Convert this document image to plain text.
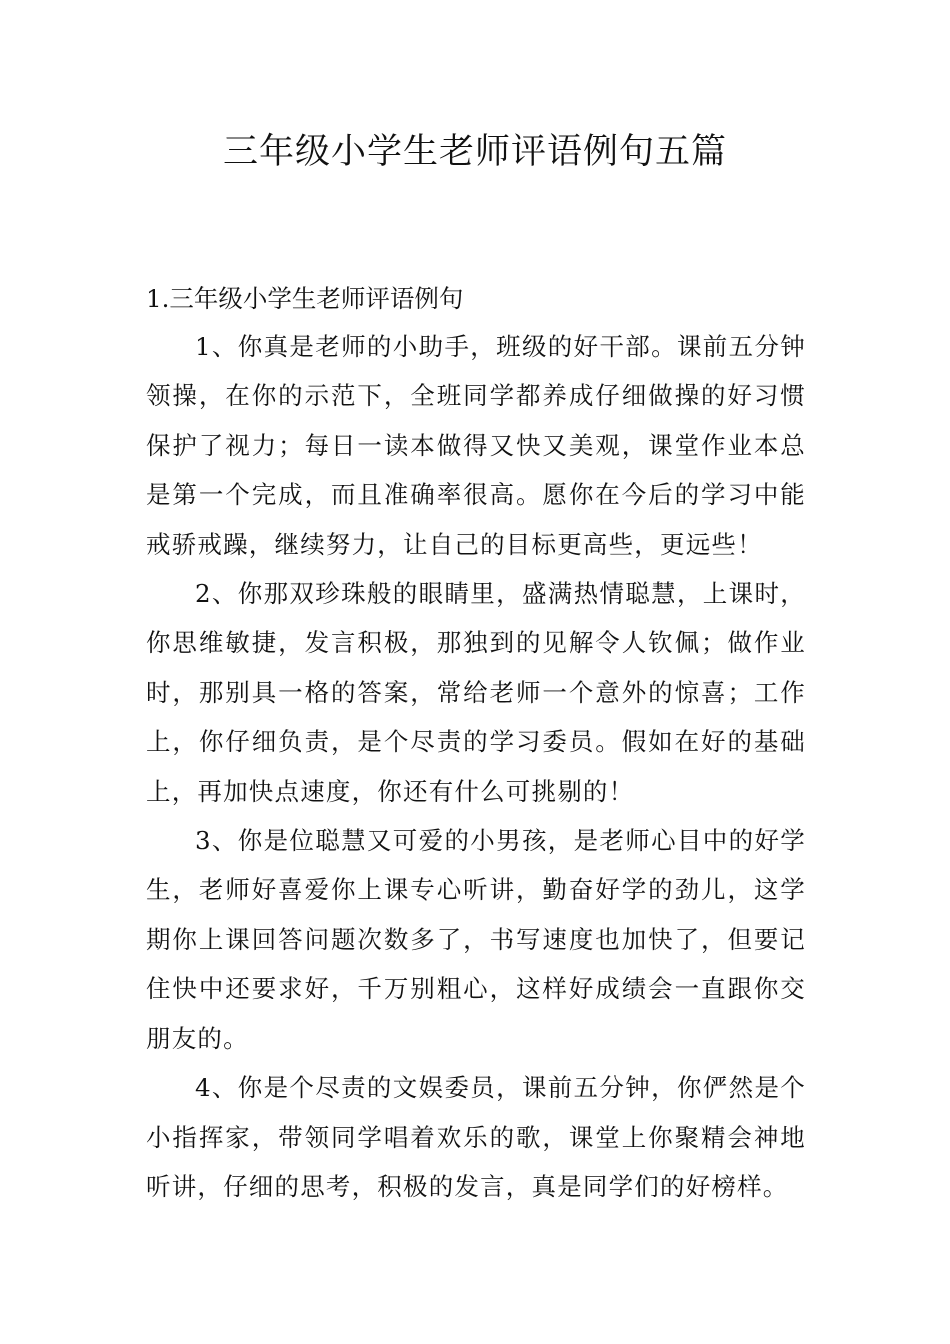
三年级小学生老师评语例句五篇
1.三年级小学生老师评语例句

1、你真是老师的小助手，班级的好干部。课前五分钟领操，在你的示范下，全班同学都养成仔细做操的好习惯保护了视力；每日一读本做得又快又美观，课堂作业本总是第一个完成，而且准确率很高。愿你在今后的学习中能戒骄戒躁，继续努力，让自己的目标更高些，更远些！

2、你那双珍珠般的眼睛里，盛满热情聪慧，上课时，你思维敏捷，发言积极，那独到的见解令人钦佩；做作业时，那别具一格的答案，常给老师一个意外的惊喜；工作上，你仔细负责，是个尽责的学习委员。假如在好的基础上，再加快点速度，你还有什么可挑剔的！

3、你是位聪慧又可爱的小男孩，是老师心目中的好学生，老师好喜爱你上课专心听讲，勤奋好学的劲儿，这学期你上课回答问题次数多了，书写速度也加快了，但要记住快中还要求好，千万别粗心，这样好成绩会一直跟你交朋友的。

4、你是个尽责的文娱委员，课前五分钟，你俨然是个小指挥家，带领同学唱着欢乐的歌，课堂上你聚精会神地听讲，仔细的思考，积极的发言，真是同学们的好榜样。
